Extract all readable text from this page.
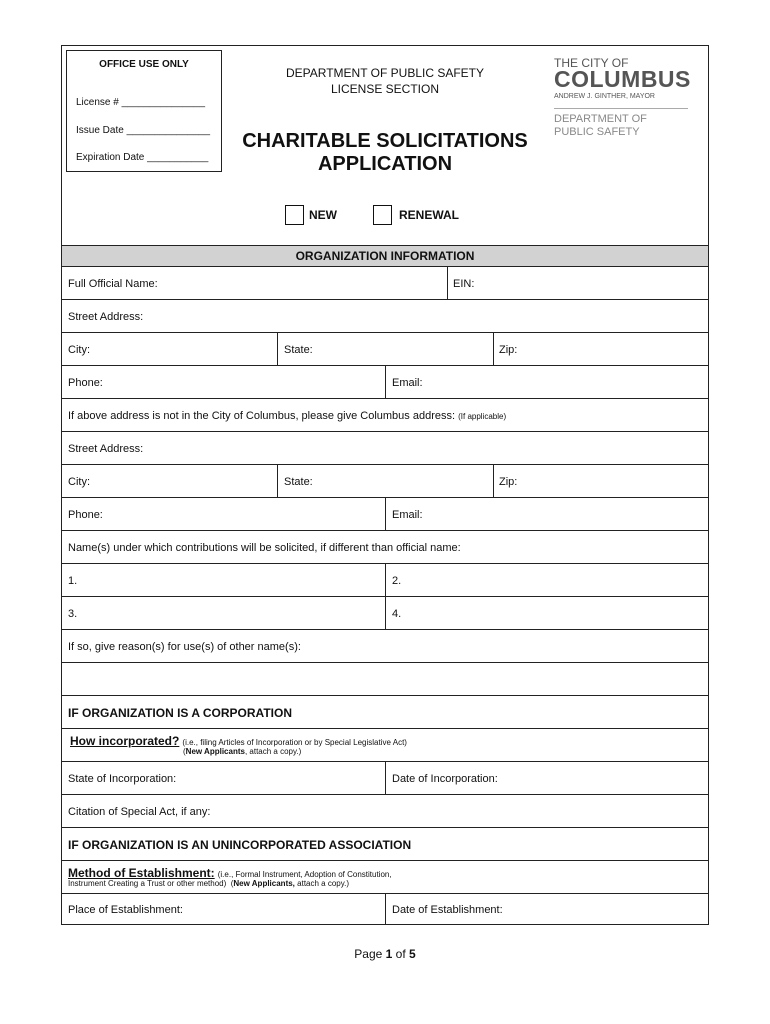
OFFICE USE ONLY
License # _______________
Issue Date _______________
Expiration Date ___________
DEPARTMENT OF PUBLIC SAFETY
LICENSE SECTION
THE CITY OF
COLUMBUS
ANDREW J. GINTHER, MAYOR
DEPARTMENT OF
PUBLIC SAFETY
CHARITABLE SOLICITATIONS
APPLICATION
NEW	RENEWAL
ORGANIZATION INFORMATION
Full Official Name:	EIN:
Street Address:
City:	State:	Zip:
Phone:	Email:
If above address is not in the City of Columbus, please give Columbus address: (If applicable)
Street Address:
City:	State:	Zip:
Phone:	Email:
Name(s) under which contributions will be solicited, if different than official name:
1.	2.
3.	4.
If so, give reason(s) for use(s) of other name(s):
IF ORGANIZATION IS A CORPORATION
How incorporated? (i.e., filing Articles of Incorporation or by Special Legislative Act)
(New Applicants, attach a copy.)
State of Incorporation:	Date of Incorporation:
Citation of Special Act, if any:
IF ORGANIZATION IS AN UNINCORPORATED ASSOCIATION
Method of Establishment: (i.e., Formal Instrument, Adoption of Constitution,
Instrument Creating a Trust or other method)  (New Applicants, attach a copy.)
Place of Establishment:	Date of Establishment:
Page 1 of 5
